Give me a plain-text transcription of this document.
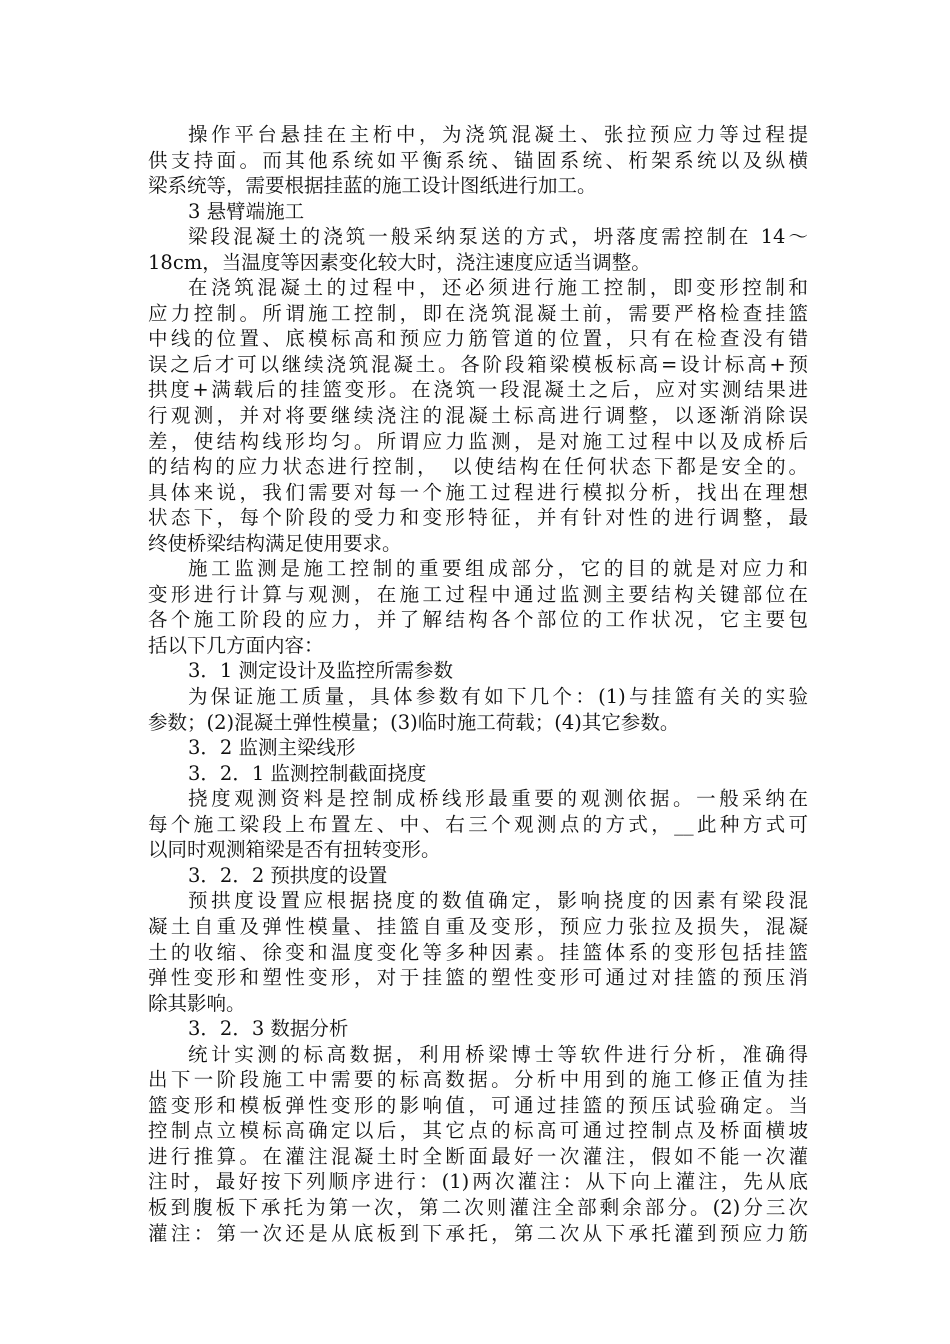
操作平台悬挂在主桁中，为浇筑混凝土、张拉预应力等过程提
供支持面。而其他系统如平衡系统、锚固系统、桁架系统以及纵横
梁系统等，需要根据挂蓝的施工设计图纸进行加工。
3 悬臂端施工
梁段混凝土的浇筑一般采纳泵送的方式，坍落度需控制在 14～
18cm，当温度等因素变化较大时，浇注速度应适当调整。
在浇筑混凝土的过程中，还必须进行施工控制，即变形控制和
应力控制。所谓施工控制，即在浇筑混凝土前，需要严格检查挂篮
中线的位置、底模标高和预应力筋管道的位置，只有在检查没有错
误之后才可以继续浇筑混凝土。各阶段箱梁模板标高=设计标高+预
拱度+满载后的挂篮变形。在浇筑一段混凝土之后，应对实测结果进
行观测，并对将要继续浇注的混凝土标高进行调整，以逐渐消除误
差，使结构线形均匀。所谓应力监测，是对施工过程中以及成桥后
的结构的应力状态进行控制，　以使结构在任何状态下都是安全的。
具体来说，我们需要对每一个施工过程进行模拟分析，找出在理想
状态下，每个阶段的受力和变形特征，并有针对性的进行调整，最
终使桥梁结构满足使用要求。
施工监测是施工控制的重要组成部分，它的目的就是对应力和
变形进行计算与观测，在施工过程中通过监测主要结构关键部位在
各个施工阶段的应力，并了解结构各个部位的工作状况，它主要包
括以下几方面内容：
3．1 测定设计及监控所需参数
为保证施工质量，具体参数有如下几个：(1)与挂篮有关的实验
参数；(2)混凝土弹性模量；(3)临时施工荷载；(4)其它参数。
3．2 监测主梁线形
3．2．1 监测控制截面挠度
挠度观测资料是控制成桥线形最重要的观测依据。一般采纳在
每个施工梁段上布置左、中、右三个观测点的方式，__此种方式可
以同时观测箱梁是否有扭转变形。
3．2．2 预拱度的设置
预拱度设置应根据挠度的数值确定，影响挠度的因素有梁段混
凝土自重及弹性模量、挂篮自重及变形，预应力张拉及损失，混凝
土的收缩、徐变和温度变化等多种因素。挂篮体系的变形包括挂篮
弹性变形和塑性变形，对于挂篮的塑性变形可通过对挂篮的预压消
除其影响。
3．2．3 数据分析
统计实测的标高数据，利用桥梁博士等软件进行分析，准确得
出下一阶段施工中需要的标高数据。分析中用到的施工修正值为挂
篮变形和模板弹性变形的影响值，可通过挂篮的预压试验确定。当
控制点立模标高确定以后，其它点的标高可通过控制点及桥面横坡
进行推算。在灌注混凝土时全断面最好一次灌注，假如不能一次灌
注时，最好按下列顺序进行：(1)两次灌注：从下向上灌注，先从底
板到腹板下承托为第一次，第二次则灌注全部剩余部分。(2)分三次
灌注：第一次还是从底板到下承托，第二次从下承托灌到预应力筋
